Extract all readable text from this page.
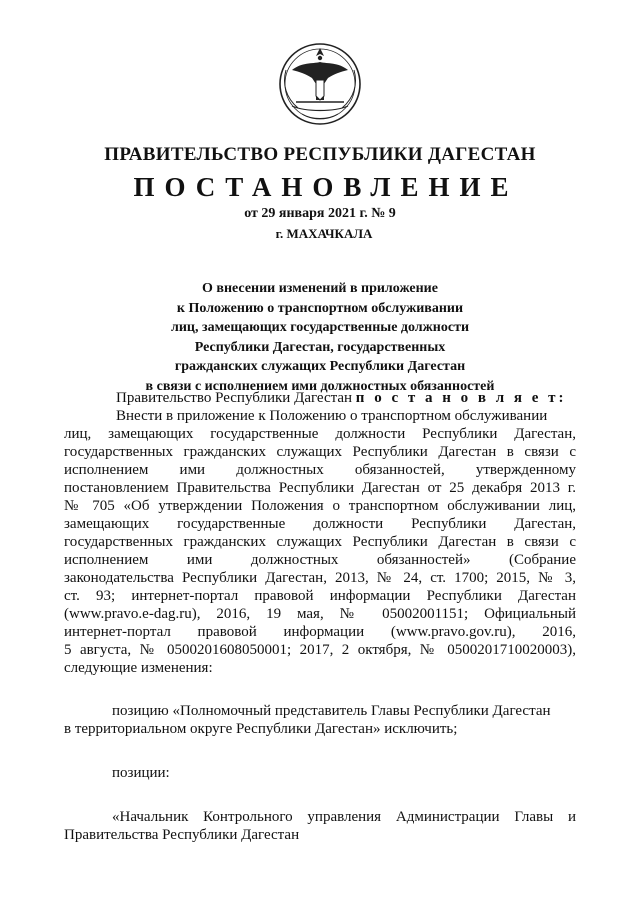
ПРАВИТЕЛЬСТВО РЕСПУБЛИКИ ДАГЕСТАН
ПОСТАНОВЛЕНИЕ
от 29 января 2021 г. № 9
г. МАХАЧКАЛА
О внесении изменений в приложение
к Положению о транспортном обслуживании
лиц, замещающих государственные должности
Республики Дагестан, государственных
гражданских служащих Республики Дагестан
в связи с исполнением ими должностных обязанностей
Правительство Республики Дагестан п о с т а н о в л я е т:
Внести в приложение к Положению о транспортном обслуживании
лиц, замещающих государственные должности Республики Дагестан,
государственных гражданских служащих Республики Дагестан в связи с
исполнением ими должностных обязанностей, утвержденному
постановлением Правительства Республики Дагестан от 25 декабря 2013 г.
№ 705 «Об утверждении Положения о транспортном обслуживании лиц,
замещающих государственные должности Республики Дагестан,
государственных гражданских служащих Республики Дагестан в связи с
исполнением ими должностных обязанностей» (Собрание
законодательства Республики Дагестан, 2013, № 24, ст. 1700; 2015, № 3,
ст. 93; интернет-портал правовой информации Республики Дагестан
(www.pravo.e-dag.ru), 2016, 19 мая, № 05002001151; Официальный
интернет-портал правовой информации (www.pravo.gov.ru), 2016,
5 августа, № 0500201608050001; 2017, 2 октября, № 0500201710020003),
следующие изменения:
позицию «Полномочный представитель Главы Республики Дагестан
в территориальном округе Республики Дагестан» исключить;
позиции:
«Начальник Контрольного управления Администрации Главы и
Правительства Республики Дагестан
